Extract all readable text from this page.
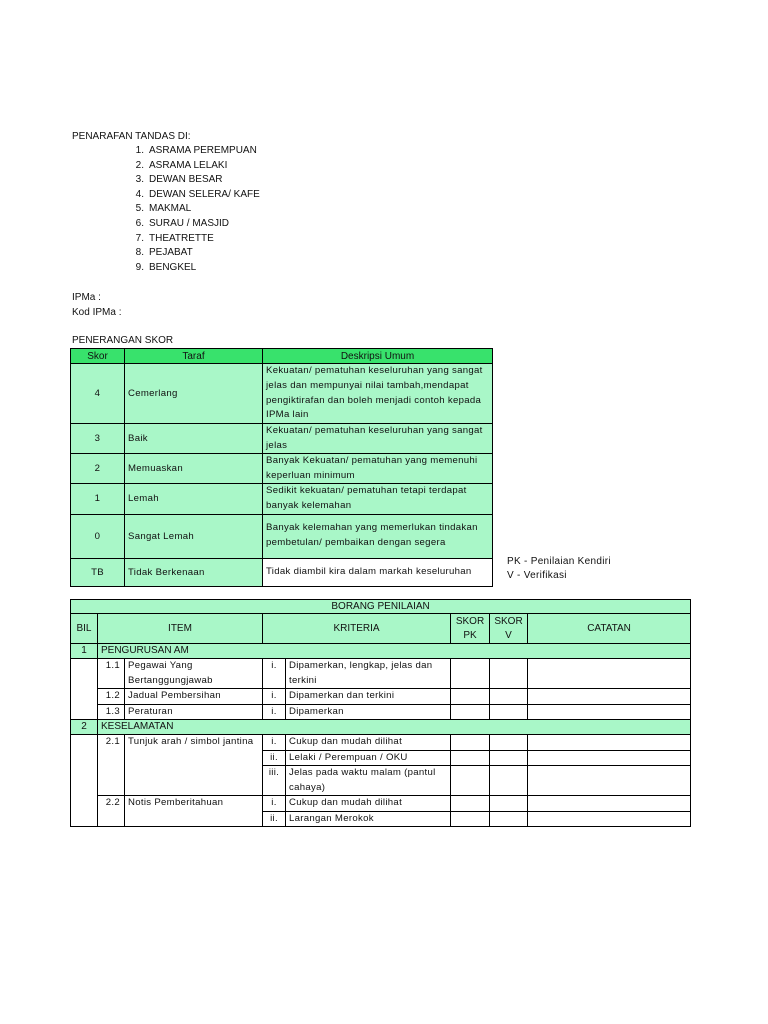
PENARAFAN TANDAS DI:
1. ASRAMA PEREMPUAN
2. ASRAMA LELAKI
3. DEWAN BESAR
4. DEWAN SELERA/ KAFE
5. MAKMAL
6. SURAU / MASJID
7. THEATRETTE
8. PEJABAT
9. BENGKEL
IPMa :
Kod IPMa :
PENERANGAN SKOR
Skor	Taraf	Deskripsi Umum
4	Cemerlang	Kekuatan/ pematuhan keseluruhan yang sangat jelas dan mempunyai nilai tambah,mendapat pengiktirafan dan boleh menjadi contoh kepada IPMa lain
3	Baik	Kekuatan/ pematuhan keseluruhan yang sangat jelas
2	Memuaskan	Banyak Kekuatan/ pematuhan yang memenuhi keperluan minimum
1	Lemah	Sedikit kekuatan/ pematuhan tetapi terdapat banyak kelemahan
0	Sangat Lemah	Banyak kelemahan yang memerlukan tindakan pembetulan/ pembaikan dengan segera
TB	Tidak Berkenaan	Tidak diambil kira dalam markah keseluruhan
PK - Penilaian Kendiri
V - Verifikasi
BORANG PENILAIAN							
BIL	ITEM		KRITERIA		SKOR PK	SKOR V	CATATAN
1	PENGURUSAN AM						
	1.1	Pegawai Yang Bertanggungjawab	i.	Dipamerkan, lengkap, jelas dan terkini			
	1.2	Jadual Pembersihan	i.	Dipamerkan dan terkini			
	1.3	Peraturan	i.	Dipamerkan			
2	KESELAMATAN						
	2.1	Tunjuk arah / simbol jantina	i.	Cukup dan mudah dilihat			
			ii.	Lelaki / Perempuan / OKU			
			iii.	Jelas pada waktu malam (pantul cahaya)			
	2.2	Notis Pemberitahuan	i.	Cukup dan mudah dilihat			
			ii.	Larangan Merokok			
